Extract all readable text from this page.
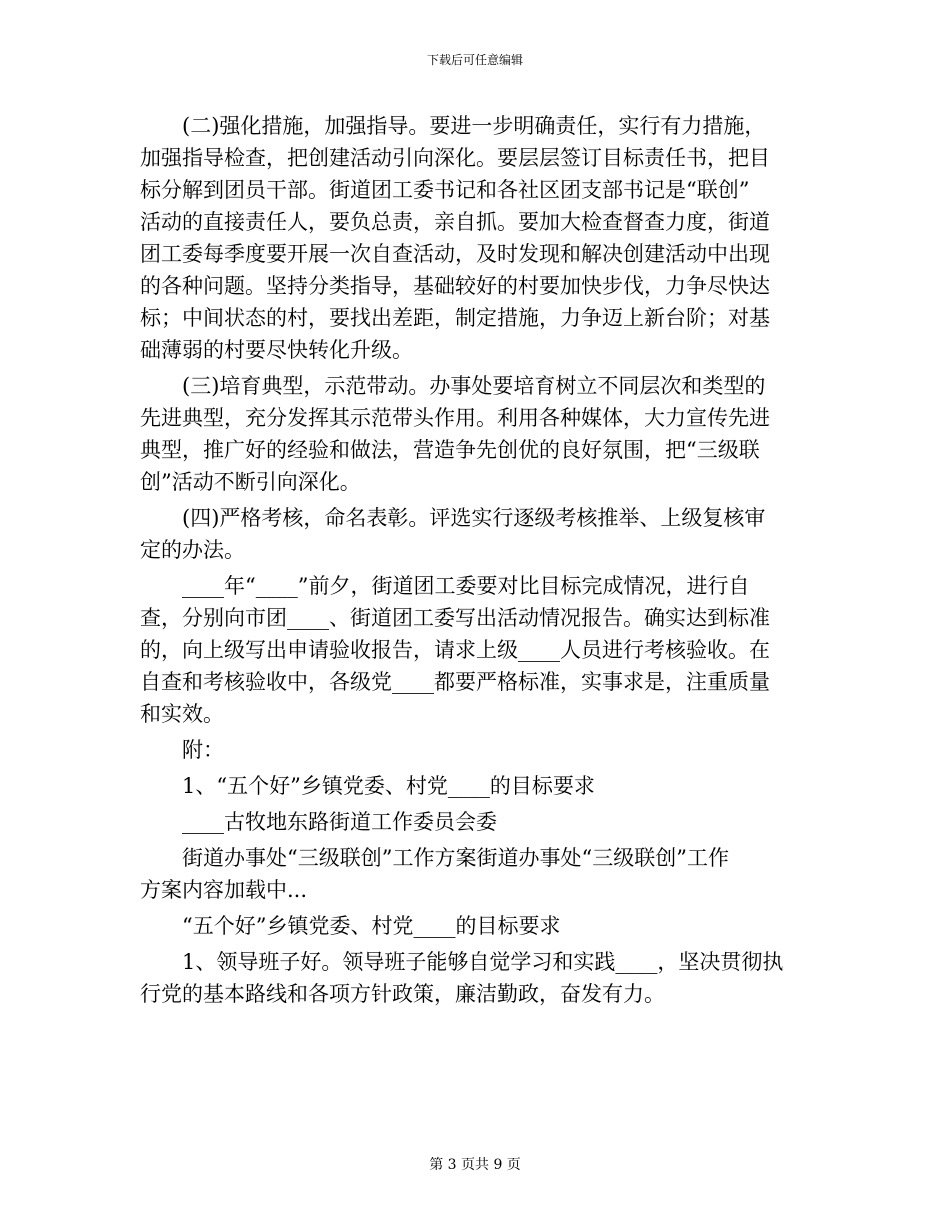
下载后可任意编辑

　　(二)强化措施，加强指导。要进一步明确责任，实行有力措施，
加强指导检查，把创建活动引向深化。要层层签订目标责任书，把目
标分解到团员干部。街道团工委书记和各社区团支部书记是“联创”
活动的直接责任人，要负总责，亲自抓。要加大检查督查力度，街道
团工委每季度要开展一次自查活动，及时发现和解决创建活动中出现
的各种问题。坚持分类指导，基础较好的村要加快步伐，力争尽快达
标；中间状态的村，要找出差距，制定措施，力争迈上新台阶；对基
础薄弱的村要尽快转化升级。

　　(三)培育典型，示范带动。办事处要培育树立不同层次和类型的
先进典型，充分发挥其示范带头作用。利用各种媒体，大力宣传先进
典型，推广好的经验和做法，营造争先创优的良好氛围，把“三级联
创”活动不断引向深化。

　　(四)严格考核，命名表彰。评选实行逐级考核推举、上级复核审
定的办法。

　　____年“____”前夕，街道团工委要对比目标完成情况，进行自
查，分别向市团____、街道团工委写出活动情况报告。确实达到标准
的，向上级写出申请验收报告，请求上级____人员进行考核验收。在
自查和考核验收中，各级党____都要严格标准，实事求是，注重质量
和实效。

　　附：

　　1、“五个好”乡镇党委、村党____的目标要求

　　____古牧地东路街道工作委员会委

　　街道办事处“三级联创”工作方案街道办事处“三级联创”工作
方案内容加载中...

　　“五个好”乡镇党委、村党____的目标要求

　　1、领导班子好。领导班子能够自觉学习和实践____，坚决贯彻执
行党的基本路线和各项方针政策，廉洁勤政，奋发有力。

第 3 页共 9 页
